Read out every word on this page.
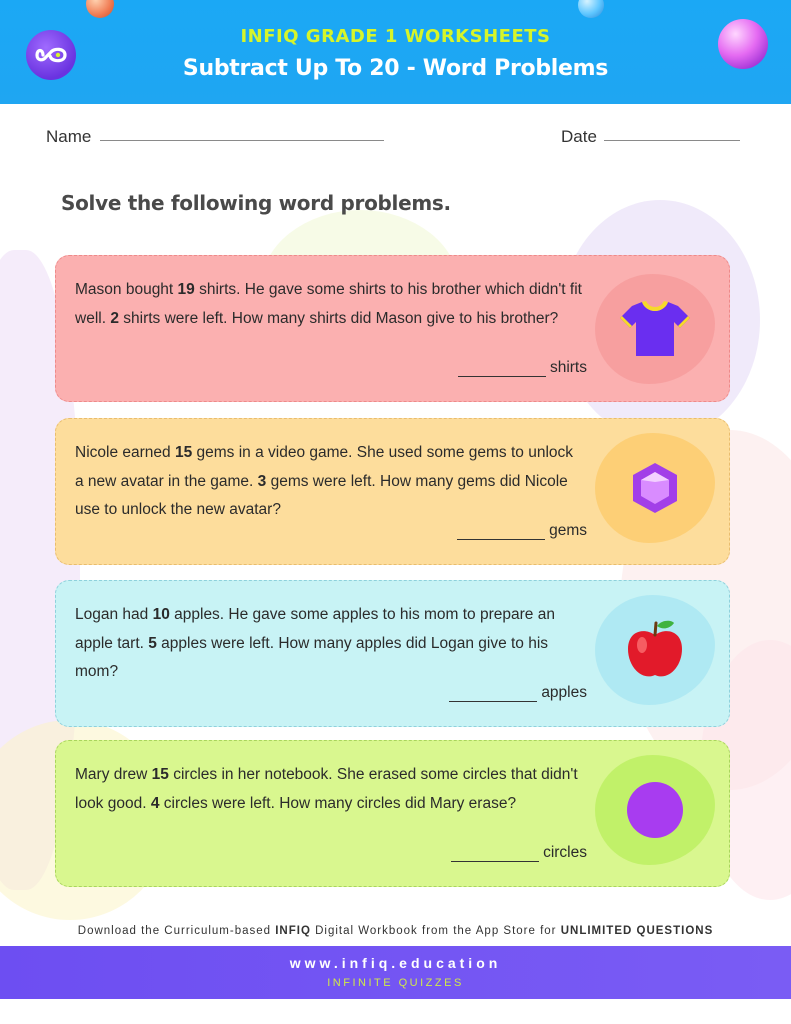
INFIQ GRADE 1 WORKSHEETS
Subtract Up To 20 - Word Problems
Name	Date
Solve the following word problems.
Mason bought 19 shirts. He gave some shirts to his brother which didn't fit well. 2 shirts were left. How many shirts did Mason give to his brother?
shirts
Nicole earned 15 gems in a video game. She used some gems to unlock a new avatar in the game. 3 gems were left. How many gems did Nicole use to unlock the new avatar?
gems
Logan had 10 apples. He gave some apples to his mom to prepare an apple tart. 5 apples were left. How many apples did Logan give to his mom?
apples
Mary drew 15 circles in her notebook. She erased some circles that didn't look good. 4 circles were left. How many circles did Mary erase?
circles
Download the Curriculum-based INFIQ Digital Workbook from the App Store for UNLIMITED QUESTIONS
www.infiq.education
INFINITE QUIZZES
